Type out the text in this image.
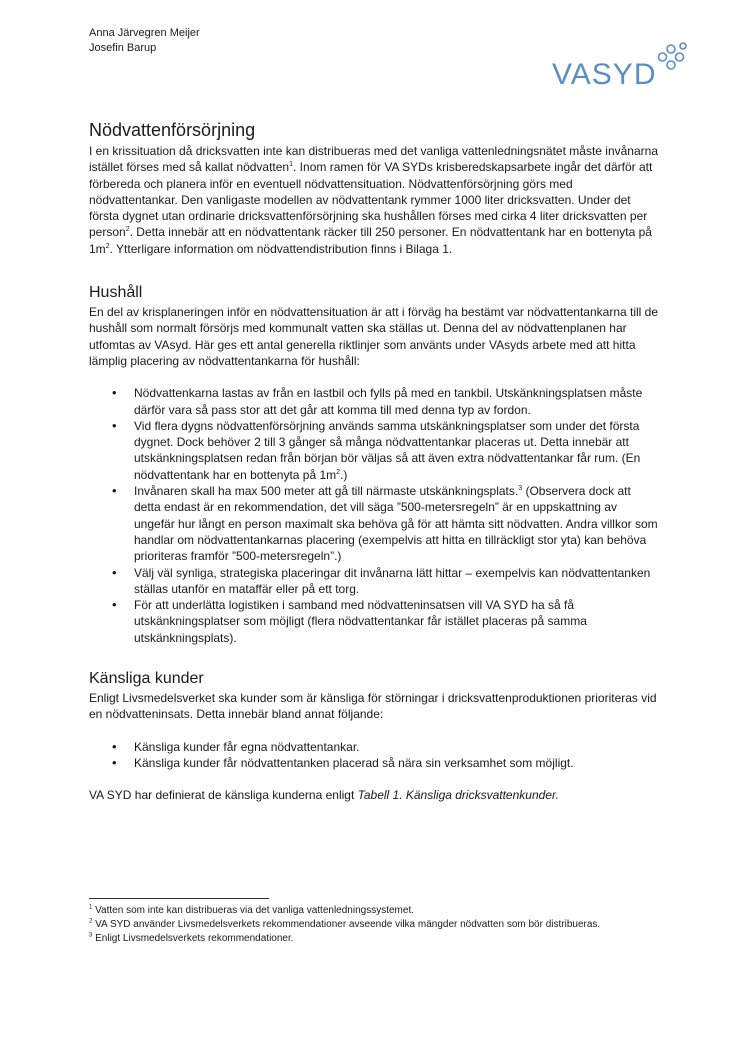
Anna Järvegren Meijer
Josefin Barup
VASYD
Nödvattenförsörjning

I en krissituation då dricksvatten inte kan distribueras med det vanliga vattenledningsnätet måste invånarna istället förses med så kallat nödvatten$^1$. Inom ramen för VA SYDs krisberedskapsarbete ingår det därför att förbereda och planera inför en eventuell nödvattensituation. Nödvattenförsörjning görs med nödvattentankar. Den vanligaste modellen av nödvattentank rymmer 1000 liter dricksvatten. Under det första dygnet utan ordinarie dricksvattenförsörjning ska hushållen förses med cirka 4 liter dricksvatten per person$^2$. Detta innebär att en nödvattentank räcker till 250 personer. En nödvattentank har en bottenyta på $1m^2$. Ytterligare information om nödvattendistribution finns i Bilaga 1.

Hushåll

En del av krisplaneringen inför en nödvattensituation är att i förväg ha bestämt var nödvattentankarna till de hushåll som normalt försörjs med kommunalt vatten ska ställas ut. Denna del av nödvattenplanen har utfomtas av VAsyd. Här ges ett antal generella riktlinjer som använts under VAsyds arbete med att hitta lämplig placering av nödvattentankarna för hushåll:

• Nödvattenkarna lastas av från en lastbil och fylls på med en tankbil. Utskänkningsplatsen måste därför vara så pass stor att det går att komma till med denna typ av fordon.
• Vid flera dygns nödvattenförsörjning används samma utskänkningsplatser som under det första dygnet. Dock behöver 2 till 3 gånger så många nödvattentankar placeras ut. Detta innebär att utskänkningsplatsen redan från början bör väljas så att även extra nödvattentankar får rum. (En nödvattentank har en bottenyta på $1m^2$.)
• Invånaren skall ha max 500 meter att gå till närmaste utskänkningsplats.$^3$ (Observera dock att detta endast är en rekommendation, det vill säga ”500-metersregeln” är en uppskattning av ungefär hur långt en person maximalt ska behöva gå för att hämta sitt nödvatten. Andra villkor som handlar om nödvattentankarnas placering (exempelvis att hitta en tillräckligt stor yta) kan behöva prioriteras framför ”500-metersregeln”.)
• Välj väl synliga, strategiska placeringar dit invånarna lätt hittar – exempelvis kan nödvattentanken ställas utanför en mataffär eller på ett torg.
• För att underlätta logistiken i samband med nödvatteninsatsen vill VA SYD ha så få utskänkningsplatser som möjligt (flera nödvattentankar får istället placeras på samma utskänkningsplats).
Känsliga kunder

Enligt Livsmedelsverket ska kunder som är känsliga för störningar i dricksvattenproduktionen prioriteras vid en nödvatteninsats. Detta innebär bland annat följande:

• Känsliga kunder får egna nödvattentankar.
• Känsliga kunder får nödvattentanken placerad så nära sin verksamhet som möjligt.

VA SYD har definierat de känsliga kunderna enligt Tabell 1. Känsliga dricksvattenkunder.

$^1$ Vatten som inte kan distribueras via det vanliga vattenledningssystemet.
$^2$ VA SYD använder Livsmedelsverkets rekommendationer avseende vilka mängder nödvatten som bör distribueras.
$^3$ Enligt Livsmedelsverkets rekommendationer.
